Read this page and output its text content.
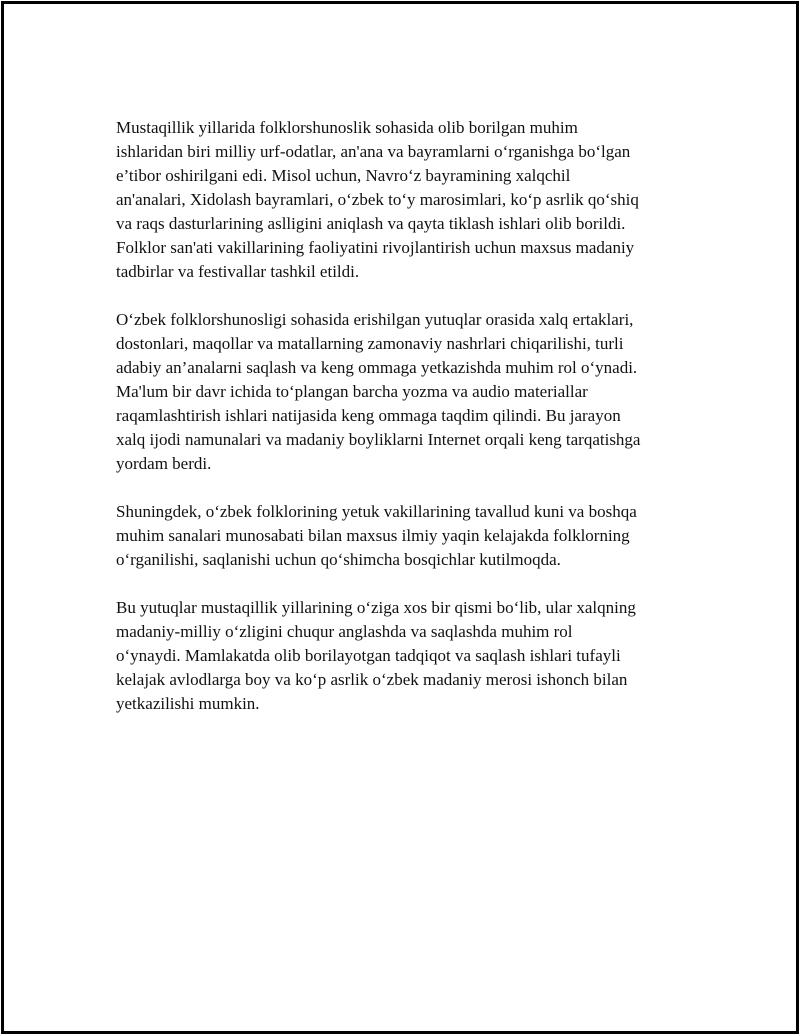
Mustaqillik yillarida folklorshunoslik sohasida olib borilgan muhim
ishlaridan biri milliy urf-odatlar, an'ana va bayramlarni o‘rganishga bo‘lgan
e’tibor oshirilgani edi. Misol uchun, Navro‘z bayramining xalqchil
an'analari, Xidolash bayramlari, o‘zbek to‘y marosimlari, ko‘p asrlik qo‘shiq
va raqs dasturlarining aslligini aniqlash va qayta tiklash ishlari olib borildi.
Folklor san'ati vakillarining faoliyatini rivojlantirish uchun maxsus madaniy
tadbirlar va festivallar tashkil etildi.

O‘zbek folklorshunosligi sohasida erishilgan yutuqlar orasida xalq ertaklari,
dostonlari, maqollar va matallarning zamonaviy nashrlari chiqarilishi, turli
adabiy an’analarni saqlash va keng ommaga yetkazishda muhim rol o‘ynadi.
Ma'lum bir davr ichida to‘plangan barcha yozma va audio materiallar
raqamlashtirish ishlari natijasida keng ommaga taqdim qilindi. Bu jarayon
xalq ijodi namunalari va madaniy boyliklarni Internet orqali keng tarqatishga
yordam berdi.

Shuningdek, o‘zbek folklorining yetuk vakillarining tavallud kuni va boshqa
muhim sanalari munosabati bilan maxsus ilmiy yaqin kelajakda folklorning
o‘rganilishi, saqlanishi uchun qo‘shimcha bosqichlar kutilmoqda.

Bu yutuqlar mustaqillik yillarining o‘ziga xos bir qismi bo‘lib, ular xalqning
madaniy-milliy o‘zligini chuqur anglashda va saqlashda muhim rol
o‘ynaydi. Mamlakatda olib borilayotgan tadqiqot va saqlash ishlari tufayli
kelajak avlodlarga boy va ko‘p asrlik o‘zbek madaniy merosi ishonch bilan
yetkazilishi mumkin.
